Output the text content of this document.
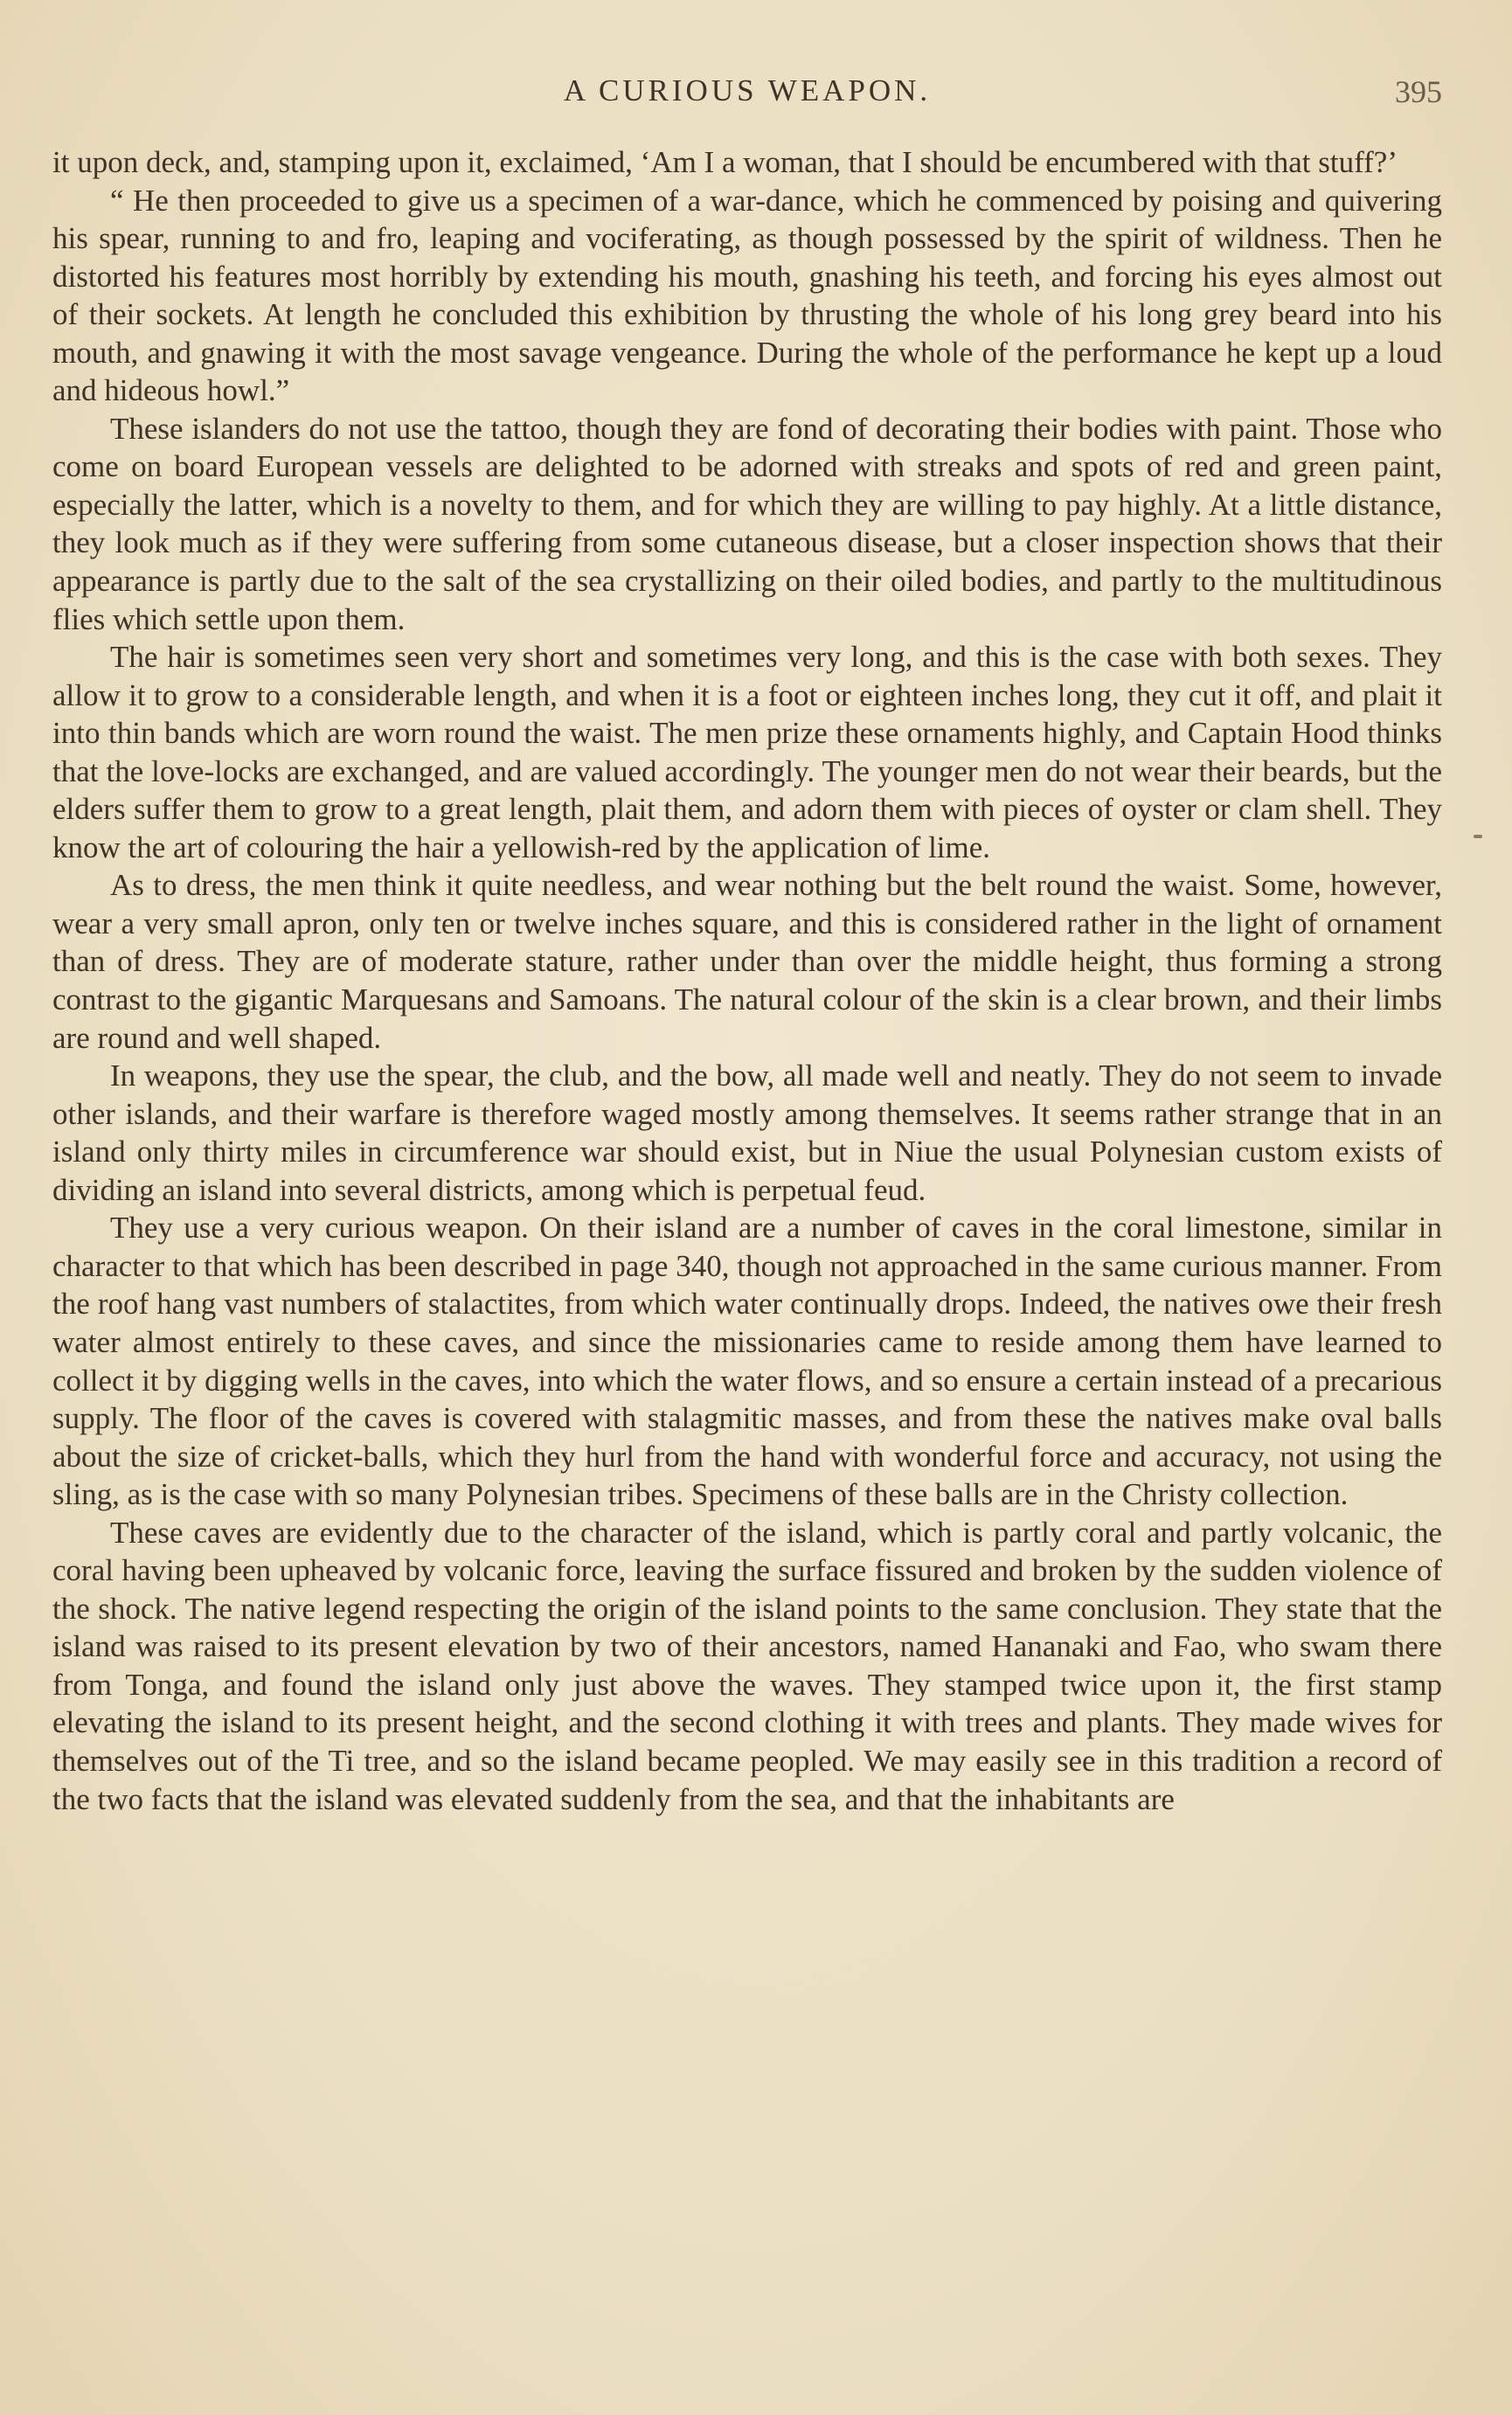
A CURIOUS WEAPON.	395

it upon deck, and, stamping upon it, exclaimed, ‘Am I a woman, that I should be encumbered with that stuff?’

“ He then proceeded to give us a specimen of a war-dance, which he commenced by poising and quivering his spear, running to and fro, leaping and vociferating, as though possessed by the spirit of wildness. Then he distorted his features most horribly by extending his mouth, gnashing his teeth, and forcing his eyes almost out of their sockets. At length he concluded this exhibition by thrusting the whole of his long grey beard into his mouth, and gnawing it with the most savage vengeance. During the whole of the performance he kept up a loud and hideous howl.”

These islanders do not use the tattoo, though they are fond of decorating their bodies with paint. Those who come on board European vessels are delighted to be adorned with streaks and spots of red and green paint, especially the latter, which is a novelty to them, and for which they are willing to pay highly. At a little distance, they look much as if they were suffering from some cutaneous disease, but a closer inspection shows that their appearance is partly due to the salt of the sea crystallizing on their oiled bodies, and partly to the multitudinous flies which settle upon them.

The hair is sometimes seen very short and sometimes very long, and this is the case with both sexes. They allow it to grow to a considerable length, and when it is a foot or eighteen inches long, they cut it off, and plait it into thin bands which are worn round the waist. The men prize these ornaments highly, and Captain Hood thinks that the love-locks are exchanged, and are valued accordingly. The younger men do not wear their beards, but the elders suffer them to grow to a great length, plait them, and adorn them with pieces of oyster or clam shell. They know the art of colouring the hair a yellowish-red by the application of lime.

As to dress, the men think it quite needless, and wear nothing but the belt round the waist. Some, however, wear a very small apron, only ten or twelve inches square, and this is considered rather in the light of ornament than of dress. They are of moderate stature, rather under than over the middle height, thus forming a strong contrast to the gigantic Marquesans and Samoans. The natural colour of the skin is a clear brown, and their limbs are round and well shaped.

In weapons, they use the spear, the club, and the bow, all made well and neatly. They do not seem to invade other islands, and their warfare is therefore waged mostly among themselves. It seems rather strange that in an island only thirty miles in circumference war should exist, but in Niue the usual Polynesian custom exists of dividing an island into several districts, among which is perpetual feud.

They use a very curious weapon. On their island are a number of caves in the coral limestone, similar in character to that which has been described in page 340, though not approached in the same curious manner. From the roof hang vast numbers of stalactites, from which water continually drops. Indeed, the natives owe their fresh water almost entirely to these caves, and since the missionaries came to reside among them have learned to collect it by digging wells in the caves, into which the water flows, and so ensure a certain instead of a precarious supply. The floor of the caves is covered with stalagmitic masses, and from these the natives make oval balls about the size of cricket-balls, which they hurl from the hand with wonderful force and accuracy, not using the sling, as is the case with so many Polynesian tribes. Specimens of these balls are in the Christy collection.

These caves are evidently due to the character of the island, which is partly coral and partly volcanic, the coral having been upheaved by volcanic force, leaving the surface fissured and broken by the sudden violence of the shock. The native legend respecting the origin of the island points to the same conclusion. They state that the island was raised to its present elevation by two of their ancestors, named Hananaki and Fao, who swam there from Tonga, and found the island only just above the waves. They stamped twice upon it, the first stamp elevating the island to its present height, and the second clothing it with trees and plants. They made wives for themselves out of the Ti tree, and so the island became peopled. We may easily see in this tradition a record of the two facts that the island was elevated suddenly from the sea, and that the inhabitants are
